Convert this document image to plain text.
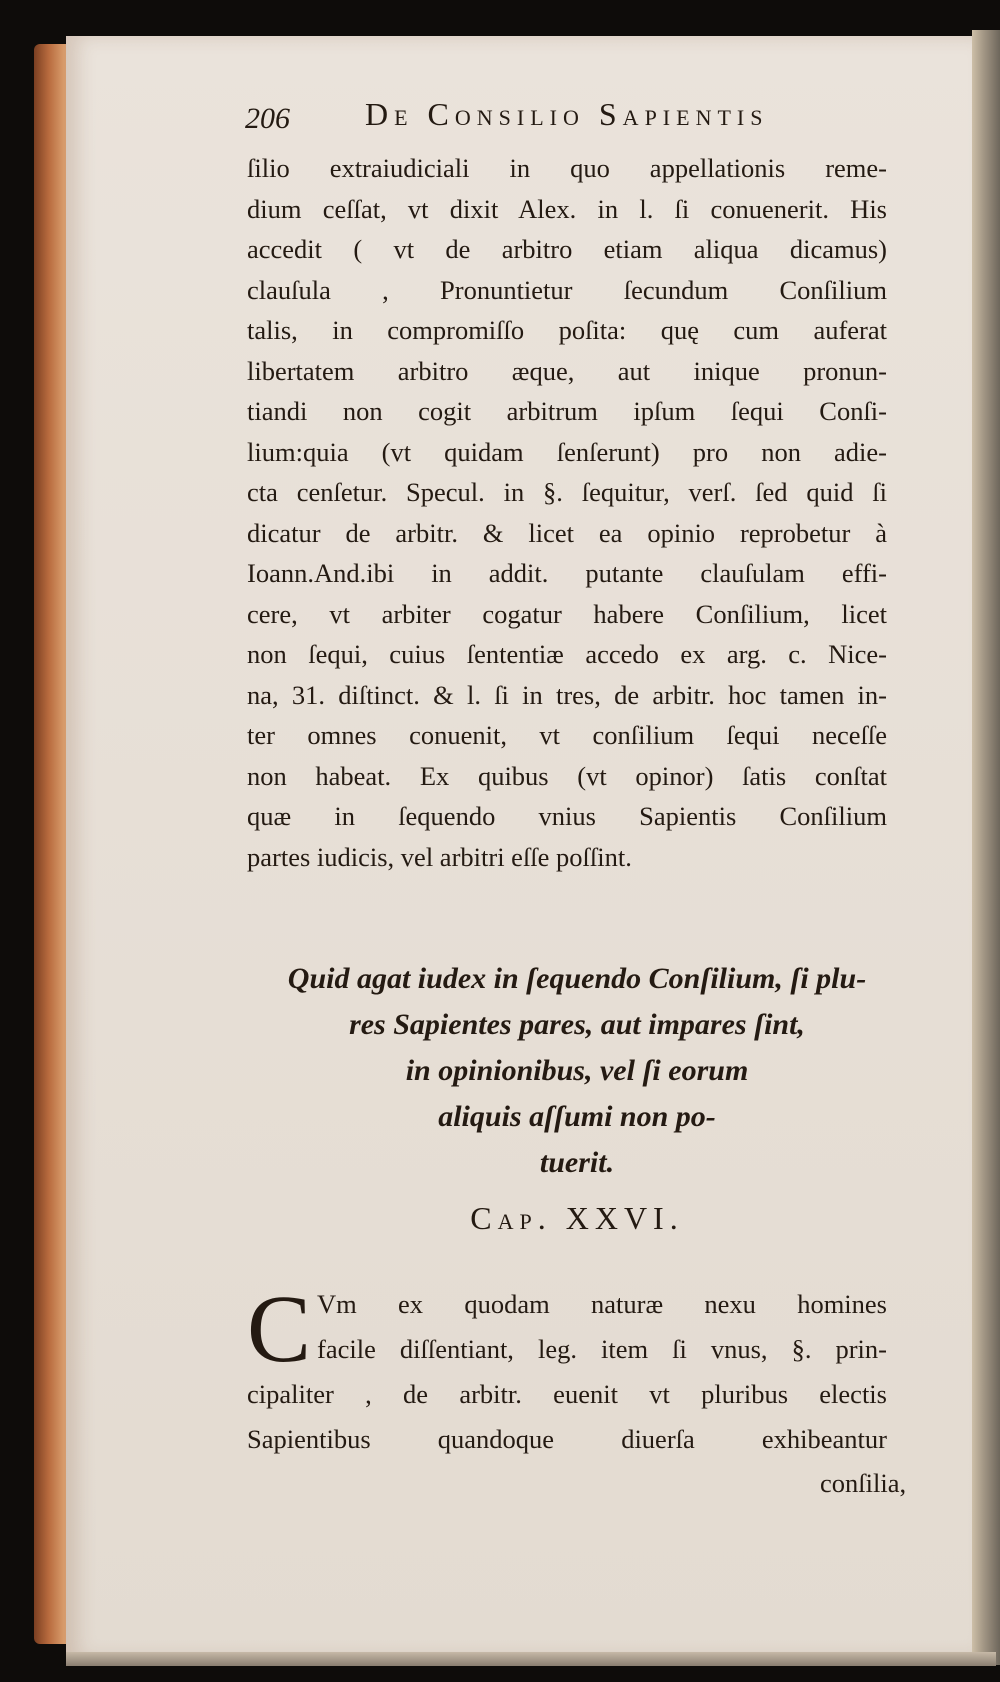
206 De Consilio Sapientis
ſilio extraiudiciali in quo appellationis reme-
dium ceſſat, vt dixit Alex. in l. ſi conuenerit. His
accedit ( vt de arbitro etiam aliqua dicamus)
clauſula , Pronuntietur ſecundum Conſilium
talis, in compromiſſo poſita: quę cum auferat
libertatem arbitro æque, aut inique pronun-
tiandi non cogit arbitrum ipſum ſequi Conſi-
lium:quia (vt quidam ſenſerunt) pro non adie-
cta cenſetur. Specul. in §. ſequitur, verſ. ſed quid ſi
dicatur de arbitr. & licet ea opinio reprobetur à
Ioann.And.ibi in addit. putante clauſulam effi-
cere, vt arbiter cogatur habere Conſilium, licet
non ſequi, cuius ſententiæ accedo ex arg. c. Nice-
na, 31. diſtinct. & l. ſi in tres, de arbitr. hoc tamen in-
ter omnes conuenit, vt conſilium ſequi neceſſe
non habeat. Ex quibus (vt opinor) ſatis conſtat
quæ in ſequendo vnius Sapientis Conſilium
partes iudicis, vel arbitri eſſe poſſint.
Quid agat iudex in ſequendo Conſilium, ſi plu-
res Sapientes pares, aut impares ſint,
in opinionibus, vel ſi eorum
aliquis aſſumi non po-
tuerit.
Cap. XXVI.
C Vm ex quodam naturæ nexu homines
facile diſſentiant, leg. item ſi vnus, §. prin-
cipaliter , de arbitr. euenit vt pluribus electis
Sapientibus quandoque diuerſa exhibeantur
conſilia,
